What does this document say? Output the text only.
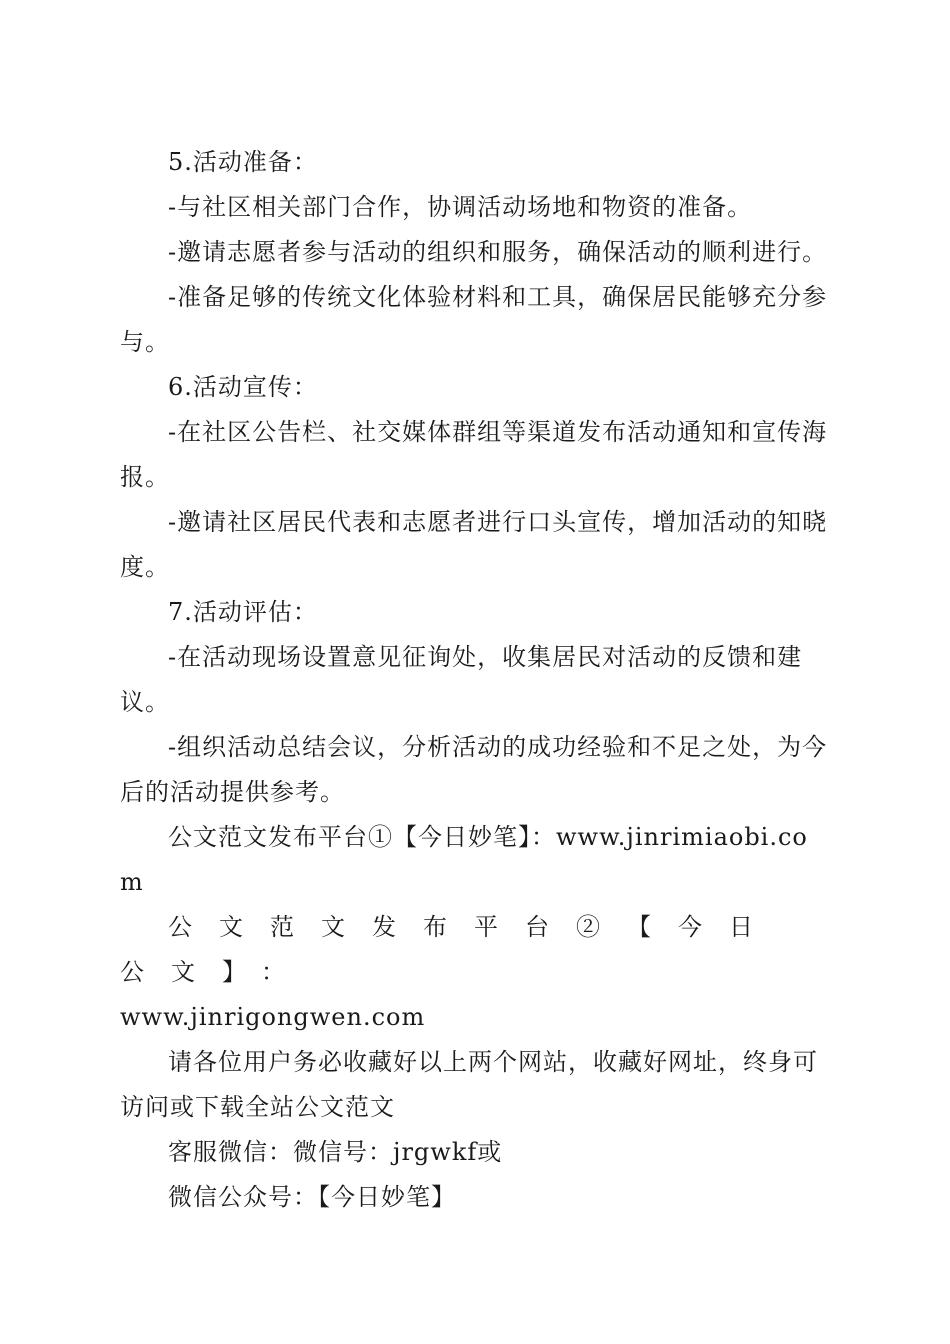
5.活动准备：

-与社区相关部门合作，协调活动场地和物资的准备。

-邀请志愿者参与活动的组织和服务，确保活动的顺利进行。

-准备足够的传统文化体验材料和工具，确保居民能够充分参与。

6.活动宣传：

-在社区公告栏、社交媒体群组等渠道发布活动通知和宣传海报。

-邀请社区居民代表和志愿者进行口头宣传，增加活动的知晓度。

7.活动评估：

-在活动现场设置意见征询处，收集居民对活动的反馈和建议。

-组织活动总结会议，分析活动的成功经验和不足之处，为今后的活动提供参考。

公文范文发布平台①【今日妙笔】：www.jinrimiaobi.com

公文范文发布平台②【今日公文】：

www.jinrigongwen.com

请各位用户务必收藏好以上两个网站，收藏好网址，终身可访问或下载全站公文范文

客服微信：微信号：jrgwkf或

微信公众号：【今日妙笔】
